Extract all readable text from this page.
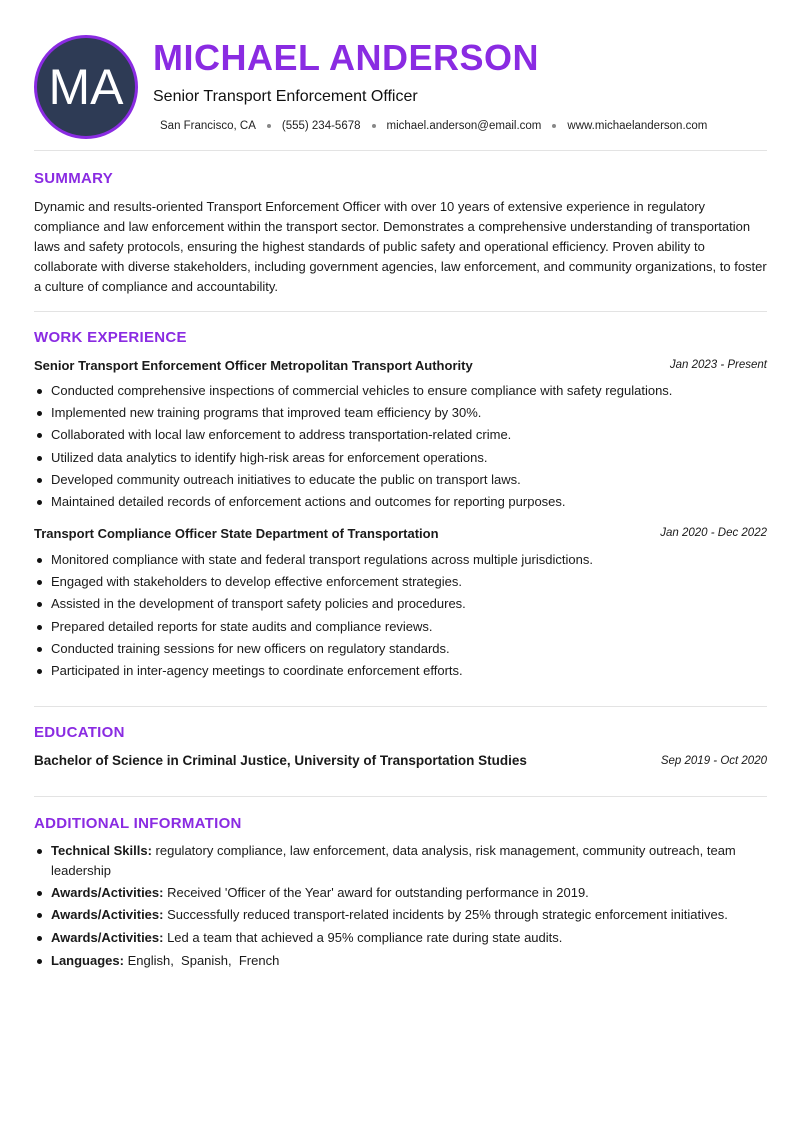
MA
MICHAEL ANDERSON
Senior Transport Enforcement Officer
San Francisco, CA (555) 234-5678 michael.anderson@email.com www.michaelanderson.com
SUMMARY
Dynamic and results-oriented Transport Enforcement Officer with over 10 years of extensive experience in regulatory compliance and law enforcement within the transport sector. Demonstrates a comprehensive understanding of transportation laws and safety protocols, ensuring the highest standards of public safety and operational efficiency. Proven ability to collaborate with diverse stakeholders, including government agencies, law enforcement, and community organizations, to foster a culture of compliance and accountability.
WORK EXPERIENCE
Senior Transport Enforcement Officer Metropolitan Transport Authority	Jan 2023 - Present
Conducted comprehensive inspections of commercial vehicles to ensure compliance with safety regulations.
Implemented new training programs that improved team efficiency by 30%.
Collaborated with local law enforcement to address transportation-related crime.
Utilized data analytics to identify high-risk areas for enforcement operations.
Developed community outreach initiatives to educate the public on transport laws.
Maintained detailed records of enforcement actions and outcomes for reporting purposes.
Transport Compliance Officer State Department of Transportation	Jan 2020 - Dec 2022
Monitored compliance with state and federal transport regulations across multiple jurisdictions.
Engaged with stakeholders to develop effective enforcement strategies.
Assisted in the development of transport safety policies and procedures.
Prepared detailed reports for state audits and compliance reviews.
Conducted training sessions for new officers on regulatory standards.
Participated in inter-agency meetings to coordinate enforcement efforts.
EDUCATION
Bachelor of Science in Criminal Justice, University of Transportation Studies	Sep 2019 - Oct 2020
ADDITIONAL INFORMATION
Technical Skills: regulatory compliance, law enforcement, data analysis, risk management, community outreach, team leadership
Awards/Activities: Received 'Officer of the Year' award for outstanding performance in 2019.
Awards/Activities: Successfully reduced transport-related incidents by 25% through strategic enforcement initiatives.
Awards/Activities: Led a team that achieved a 95% compliance rate during state audits.
Languages: English,  Spanish,  French
